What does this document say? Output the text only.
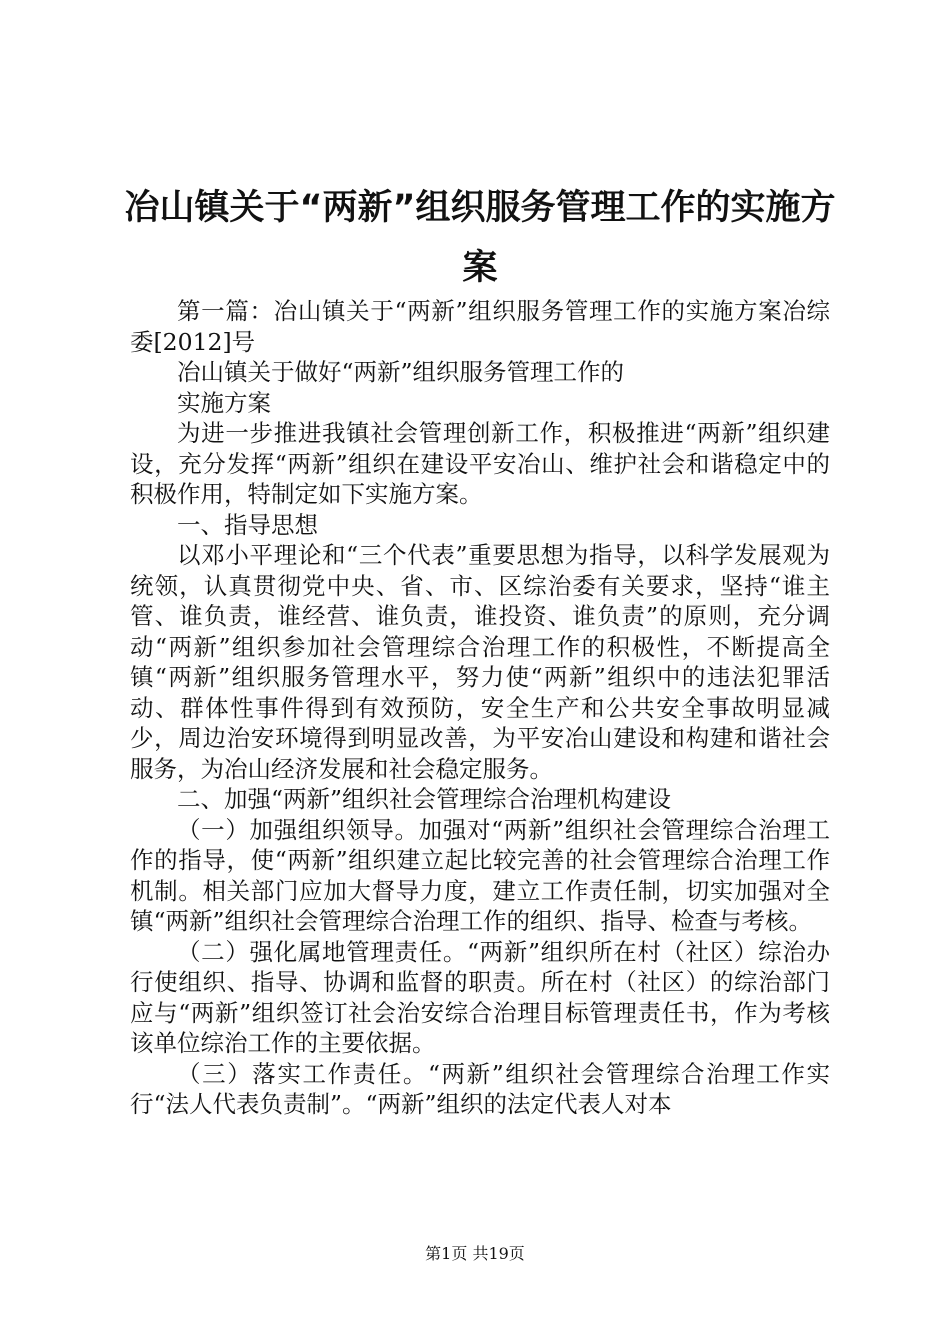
冶山镇关于“两新”组织服务管理工作的实施方案

第一篇：冶山镇关于“两新”组织服务管理工作的实施方案冶综委[2012]号

冶山镇关于做好“两新”组织服务管理工作的

实施方案

为进一步推进我镇社会管理创新工作，积极推进“两新”组织建设，充分发挥“两新”组织在建设平安冶山、维护社会和谐稳定中的积极作用，特制定如下实施方案。

一、指导思想

以邓小平理论和“三个代表”重要思想为指导，以科学发展观为统领，认真贯彻党中央、省、市、区综治委有关要求，坚持“谁主管、谁负责，谁经营、谁负责，谁投资、谁负责”的原则，充分调动“两新”组织参加社会管理综合治理工作的积极性，不断提高全镇“两新”组织服务管理水平，努力使“两新”组织中的违法犯罪活动、群体性事件得到有效预防，安全生产和公共安全事故明显减少，周边治安环境得到明显改善，为平安冶山建设和构建和谐社会服务，为冶山经济发展和社会稳定服务。

二、加强“两新”组织社会管理综合治理机构建设

（一）加强组织领导。加强对“两新”组织社会管理综合治理工作的指导，使“两新”组织建立起比较完善的社会管理综合治理工作机制。相关部门应加大督导力度，建立工作责任制，切实加强对全镇“两新”组织社会管理综合治理工作的组织、指导、检查与考核。

（二）强化属地管理责任。“两新”组织所在村（社区）综治办行使组织、指导、协调和监督的职责。所在村（社区）的综治部门应与“两新”组织签订社会治安综合治理目标管理责任书，作为考核该单位综治工作的主要依据。

（三）落实工作责任。“两新”组织社会管理综合治理工作实行“法人代表负责制”。“两新”组织的法定代表人对本

第1页 共19页
